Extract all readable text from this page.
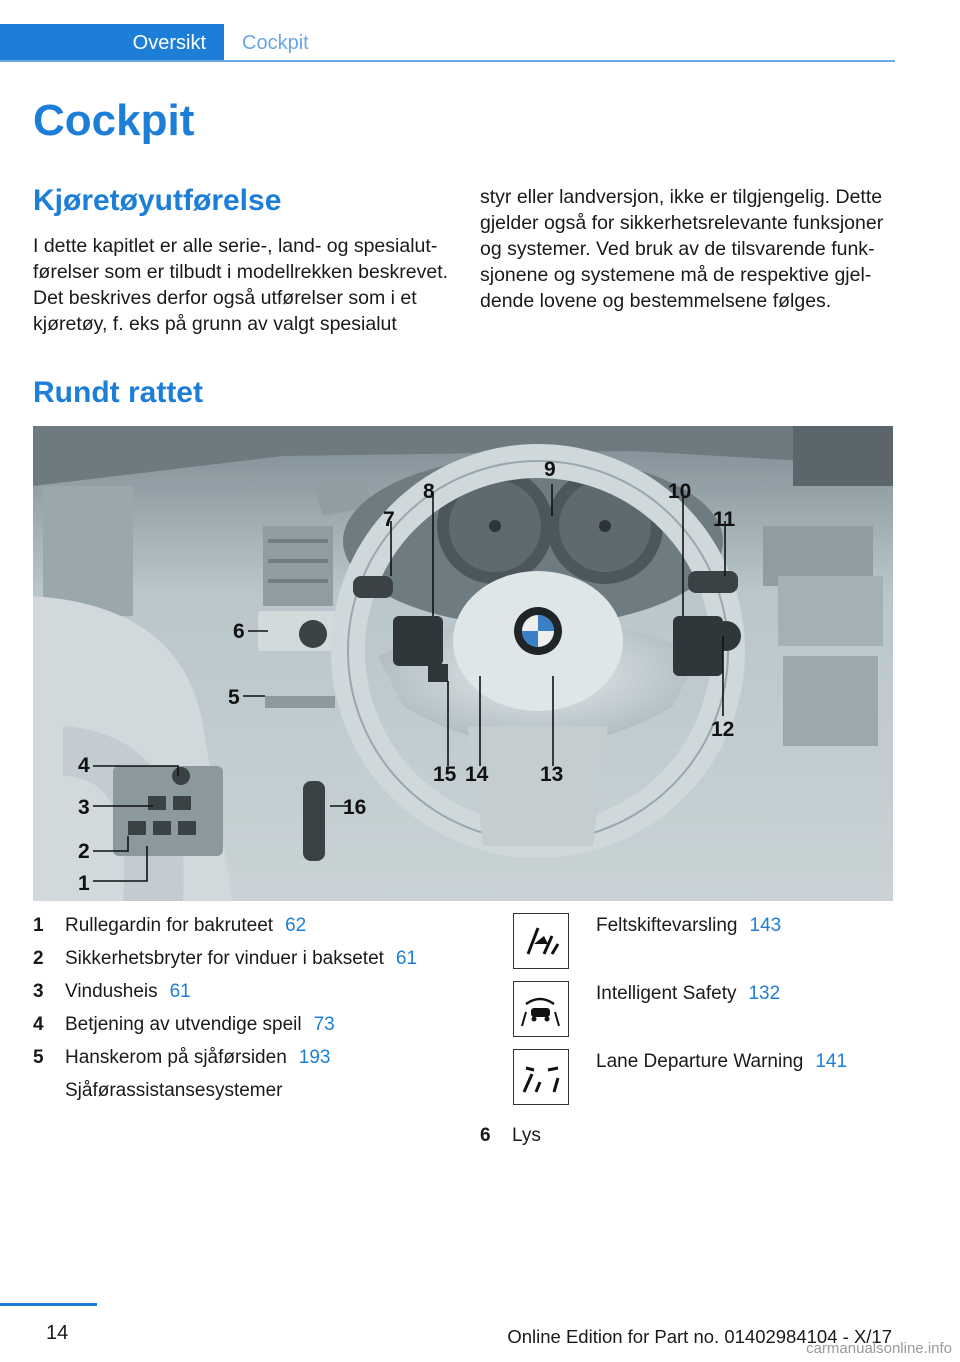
Oversikt	Cockpit
Cockpit
Kjøretøyutførelse

I dette kapitlet er alle serie-, land- og spesialutførelser som er tilbudt i modellrekken beskrevet. Det beskrives derfor også utførelser som i et kjøretøy, f. eks på grunn av valgt spesialut

styr eller landversjon, ikke er tilgjengelig. Dette gjelder også for sikkerhetsrelevante funksjoner og systemer. Ved bruk av de tilsvarende funksjonene og systemene må de respektive gjeldende lovene og bestemmelsene følges.

Rundt rattet
1
2
3
4
5
6
7
8
9
10
11
12
13
14
15
16
1	Rullegardin for bakruteet 62
2	Sikkerhetsbryter for vinduer i baksetet 61
3	Vindusheis 61
4	Betjening av utvendige speil 73
5	Hanskerom på sjåførsiden 193
Sjåførassistansesystemer
Feltskiftevarsling 143
Intelligent Safety 132
Lane Departure Warning 141
6	Lys
14	Online Edition for Part no. 01402984104 - X/17
carmanualsonline.info
